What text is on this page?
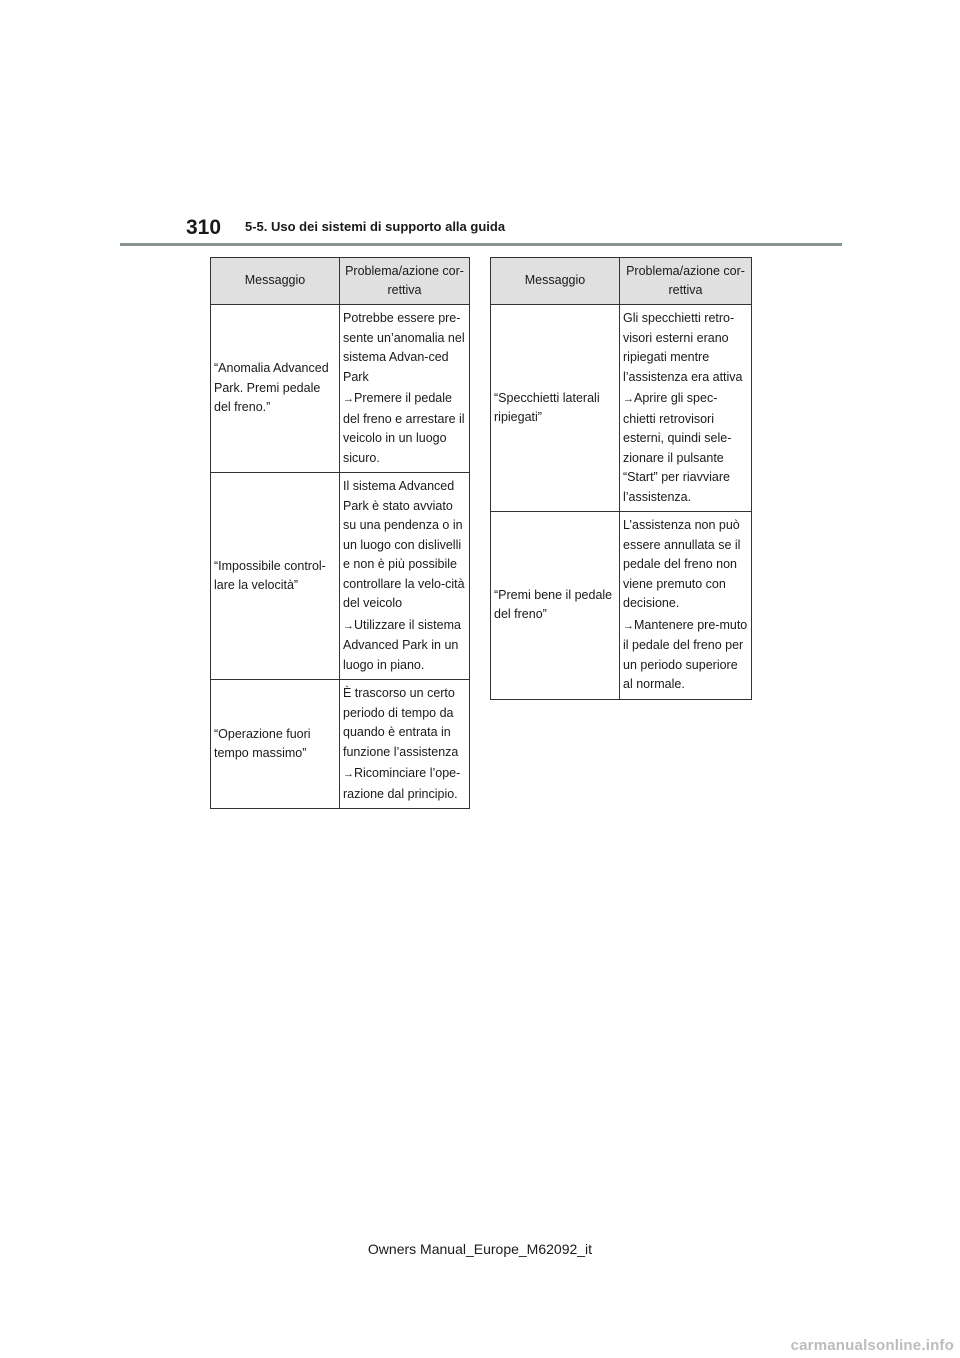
310 5-5. Uso dei sistemi di supporto alla guida
Messaggio	Problema/azione cor-rettiva

“Anomalia Advanced Park. Premi pedale del freno.”	Potrebbe essere pre-sente un’anomalia nel sistema Advan-ced Park

→Premere il pedale del freno e arrestare il veicolo in un luogo sicuro.

“Impossibile control-lare la velocità”	Il sistema Advanced Park è stato avviato su una pendenza o in un luogo con dislivelli e non è più possibile controllare la velo-cità del veicolo

→Utilizzare il sistema Advanced Park in un luogo in piano.

“Operazione fuori tempo massimo”	È trascorso un certo periodo di tempo da quando è entrata in funzione l’assistenza

→Ricominciare l’ope-razione dal principio.

Messaggio	Problema/azione cor-rettiva

“Specchietti laterali ripiegati”	Gli specchietti retro-visori esterni erano ripiegati mentre l’assistenza era attiva

→Aprire gli spec-chietti retrovisori esterni, quindi sele-zionare il pulsante “Start” per riavviare l’assistenza.

“Premi bene il pedale del freno”	L’assistenza non può essere annullata se il pedale del freno non viene premuto con decisione.

→Mantenere pre-muto il pedale del freno per un periodo superiore al normale.

Owners Manual_Europe_M62092_it
carmanualsonline.info
